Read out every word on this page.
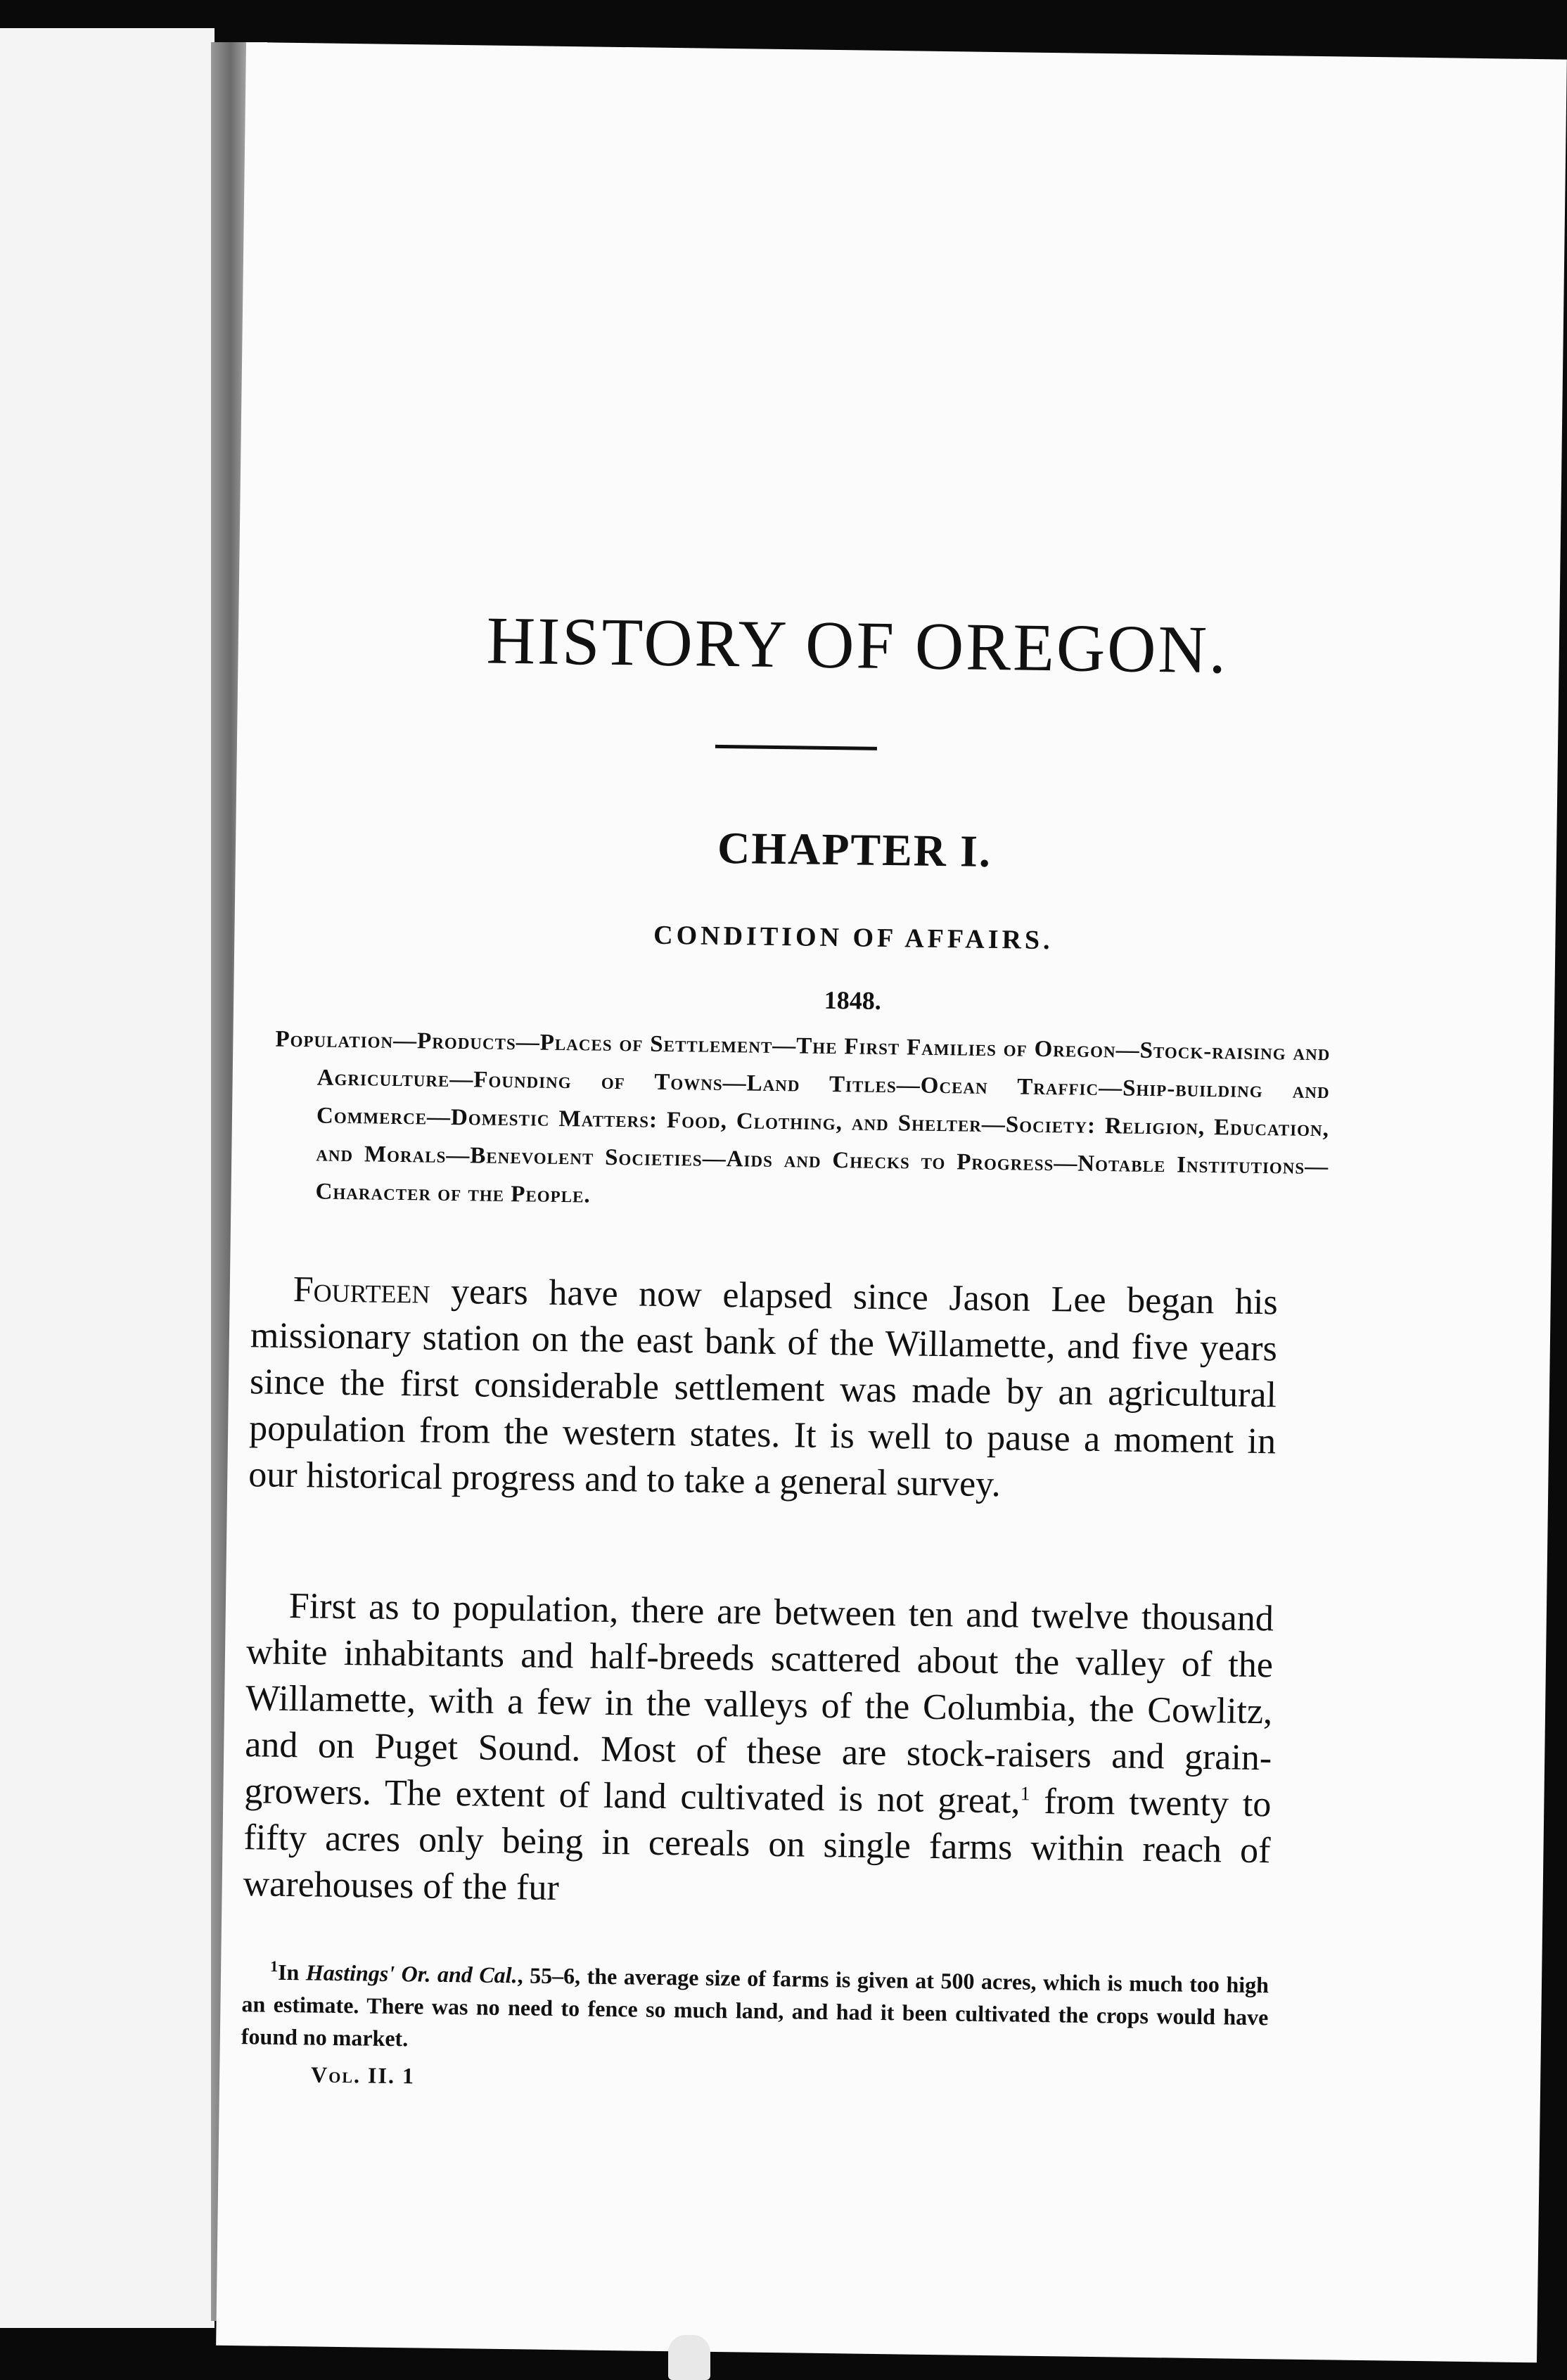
HISTORY OF OREGON.
CHAPTER I.
CONDITION OF AFFAIRS.
1848.
Population—Products—Places of Settlement—The First Families of Oregon—Stock-raising and Agriculture—Founding of Towns—Land Titles—Ocean Traffic—Ship-building and Commerce—Domestic Matters: Food, Clothing, and Shelter—Society: Religion, Education, and Morals—Benevolent Societies—Aids and Checks to Progress—Notable Institutions—Character of the People.

Fourteen years have now elapsed since Jason Lee began his missionary station on the east bank of the Willamette, and five years since the first considerable settlement was made by an agricultural population from the western states. It is well to pause a moment in our historical progress and to take a general survey.

First as to population, there are between ten and twelve thousand white inhabitants and half-breeds scattered about the valley of the Willamette, with a few in the valleys of the Columbia, the Cowlitz, and on Puget Sound. Most of these are stock-raisers and grain-growers. The extent of land cultivated is not great,$^1$ from twenty to fifty acres only being in cereals on single farms within reach of warehouses of the fur

$^1$In Hastings' Or. and Cal., 55–6, the average size of farms is given at 500 acres, which is much too high an estimate. There was no need to fence so much land, and had it been cultivated the crops would have found no market.

Vol. II. 1
